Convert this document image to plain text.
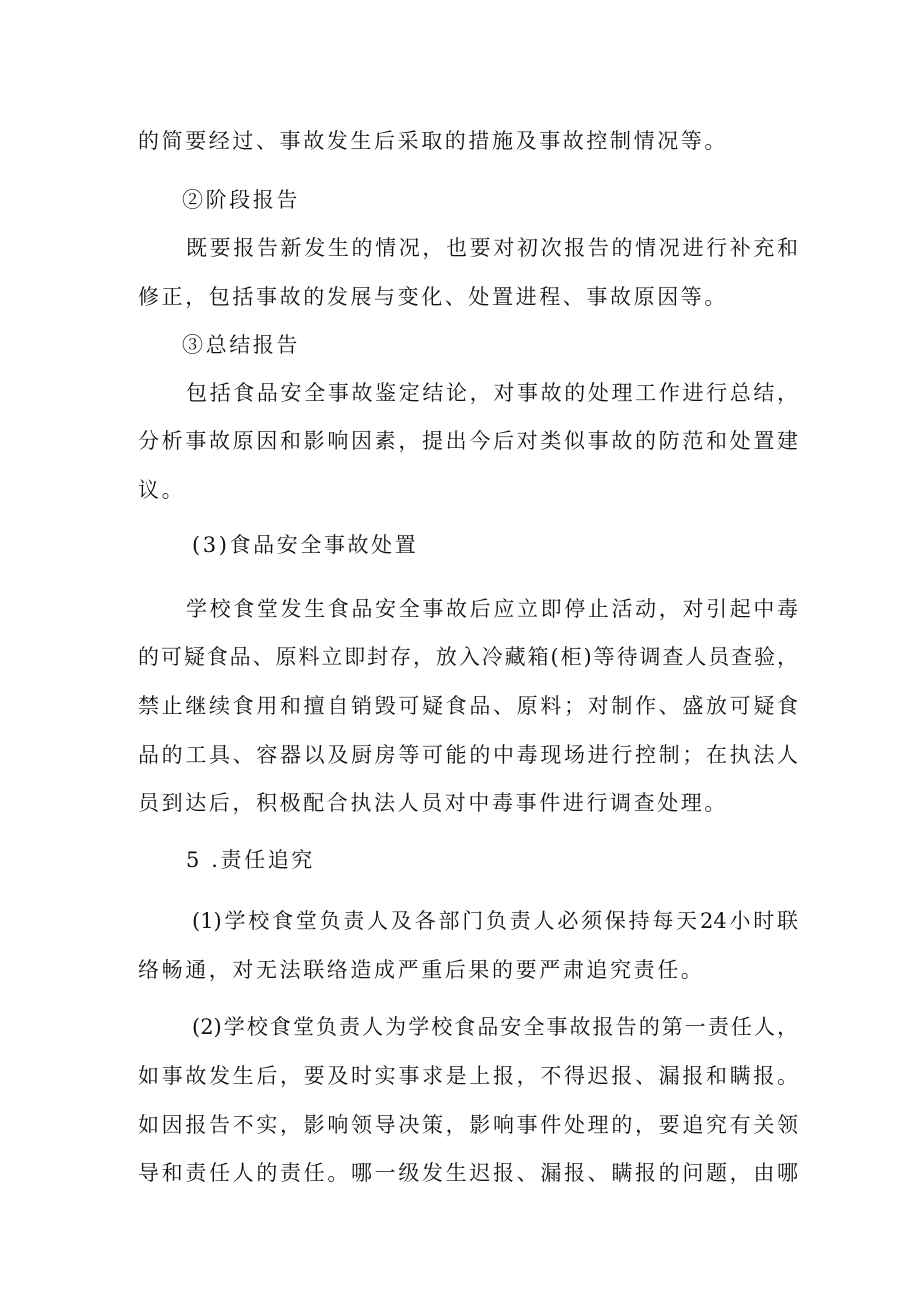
的简要经过、事故发生后采取的措施及事故控制情况等。
②阶段报告
既要报告新发生的情况，也要对初次报告的情况进行补充和
修正，包括事故的发展与变化、处置进程、事故原因等。
③总结报告
包括食品安全事故鉴定结论，对事故的处理工作进行总结，
分析事故原因和影响因素，提出今后对类似事故的防范和处置建
议。
(3)食品安全事故处置
学校食堂发生食品安全事故后应立即停止活动，对引起中毒
的可疑食品、原料立即封存，放入冷藏箱(柜)等待调查人员查验，
禁止继续食用和擅自销毁可疑食品、原料；对制作、盛放可疑食
品的工具、容器以及厨房等可能的中毒现场进行控制；在执法人
员到达后，积极配合执法人员对中毒事件进行调查处理。
5 .责任追究
(1)学校食堂负责人及各部门负责人必须保持每天24小时联
络畅通，对无法联络造成严重后果的要严肃追究责任。
(2)学校食堂负责人为学校食品安全事故报告的第一责任人，
如事故发生后，要及时实事求是上报，不得迟报、漏报和瞒报。
如因报告不实，影响领导决策，影响事件处理的，要追究有关领
导和责任人的责任。哪一级发生迟报、漏报、瞒报的问题，由哪
